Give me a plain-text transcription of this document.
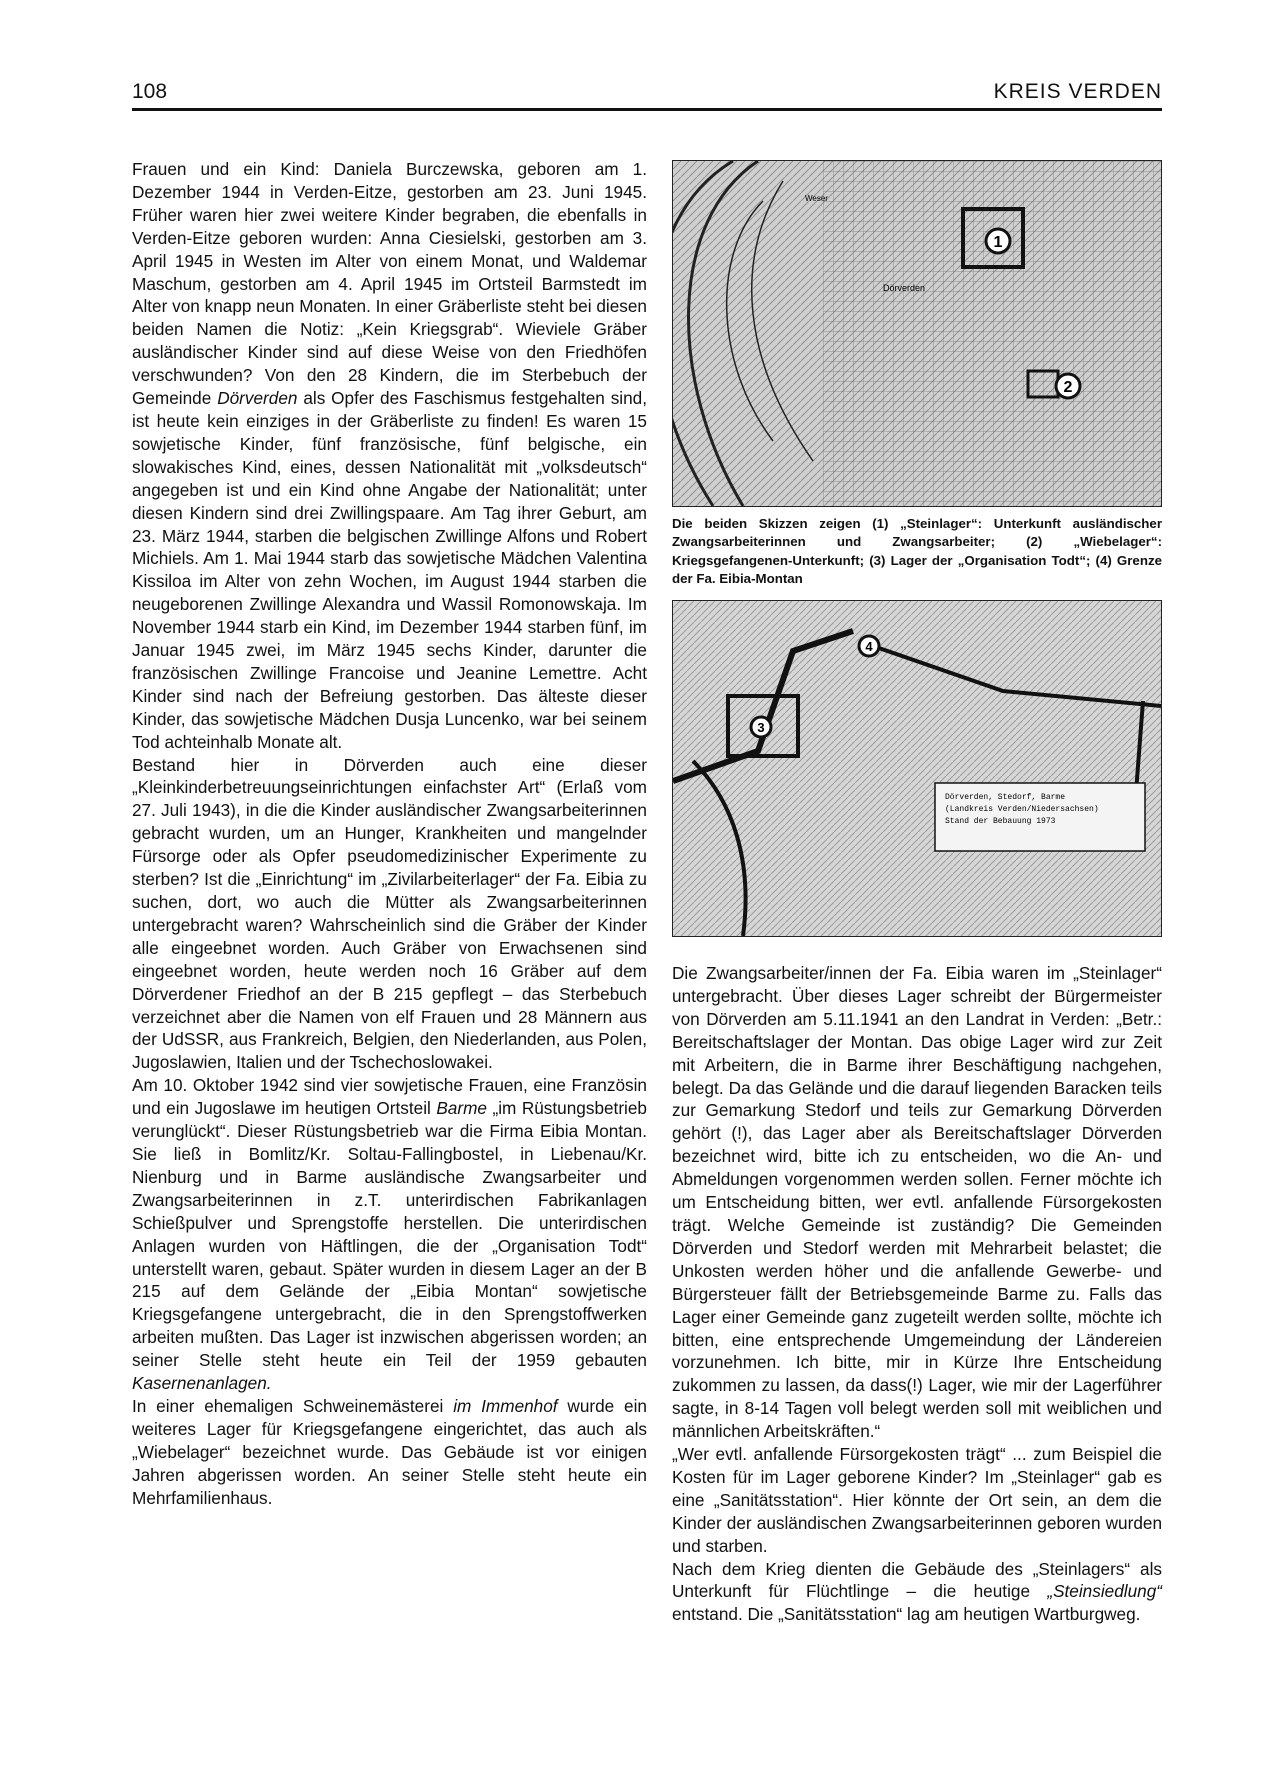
108	KREIS VERDEN

Frauen und ein Kind: Daniela Burczewska, geboren am 1. Dezember 1944 in Verden-Eitze, gestorben am 23. Juni 1945. Früher waren hier zwei weitere Kinder begraben, die ebenfalls in Verden-Eitze geboren wurden: Anna Ciesielski, gestorben am 3. April 1945 in Westen im Alter von einem Monat, und Waldemar Maschum, gestorben am 4. April 1945 im Ortsteil Barmstedt im Alter von knapp neun Monaten. In einer Gräberliste steht bei diesen beiden Namen die Notiz: „Kein Kriegsgrab“. Wieviele Gräber ausländischer Kinder sind auf diese Weise von den Friedhöfen verschwunden? Von den 28 Kindern, die im Sterbebuch der Gemeinde Dörverden als Opfer des Faschismus festgehalten sind, ist heute kein einziges in der Gräberliste zu finden! Es waren 15 sowjetische Kinder, fünf französische, fünf belgische, ein slowakisches Kind, eines, dessen Nationalität mit „volksdeutsch“ angegeben ist und ein Kind ohne Angabe der Nationalität; unter diesen Kindern sind drei Zwillingspaare. Am Tag ihrer Geburt, am 23. März 1944, starben die belgischen Zwillinge Alfons und Robert Michiels. Am 1. Mai 1944 starb das sowjetische Mädchen Valentina Kissiloa im Alter von zehn Wochen, im August 1944 starben die neugeborenen Zwillinge Alexandra und Wassil Romonowskaja. Im November 1944 starb ein Kind, im Dezember 1944 starben fünf, im Januar 1945 zwei, im März 1945 sechs Kinder, darunter die französischen Zwillinge Francoise und Jeanine Lemettre. Acht Kinder sind nach der Befreiung gestorben. Das älteste dieser Kinder, das sowjetische Mädchen Dusja Luncenko, war bei seinem Tod achteinhalb Monate alt.

Bestand hier in Dörverden auch eine dieser „Kleinkinderbetreuungseinrichtungen einfachster Art“ (Erlaß vom 27. Juli 1943), in die die Kinder ausländischer Zwangsarbeiterinnen gebracht wurden, um an Hunger, Krankheiten und mangelnder Fürsorge oder als Opfer pseudomedizinischer Experimente zu sterben? Ist die „Einrichtung“ im „Zivilarbeiterlager“ der Fa. Eibia zu suchen, dort, wo auch die Mütter als Zwangsarbeiterinnen untergebracht waren? Wahrscheinlich sind die Gräber der Kinder alle eingeebnet worden. Auch Gräber von Erwachsenen sind eingeebnet worden, heute werden noch 16 Gräber auf dem Dörverdener Friedhof an der B 215 gepflegt – das Sterbebuch verzeichnet aber die Namen von elf Frauen und 28 Männern aus der UdSSR, aus Frankreich, Belgien, den Niederlanden, aus Polen, Jugoslawien, Italien und der Tschechoslowakei.

Am 10. Oktober 1942 sind vier sowjetische Frauen, eine Französin und ein Jugoslawe im heutigen Ortsteil Barme „im Rüstungsbetrieb verunglückt“. Dieser Rüstungsbetrieb war die Firma Eibia Montan. Sie ließ in Bomlitz/Kr. Soltau-Fallingbostel, in Liebenau/Kr. Nienburg und in Barme ausländische Zwangsarbeiter und Zwangsarbeiterinnen in z.T. unterirdischen Fabrikanlagen Schießpulver und Sprengstoffe herstellen. Die unterirdischen Anlagen wurden von Häftlingen, die der „Organisation Todt“ unterstellt waren, gebaut. Später wurden in diesem Lager an der B 215 auf dem Gelände der „Eibia Montan“ sowjetische Kriegsgefangene untergebracht, die in den Sprengstoffwerken arbeiten mußten. Das Lager ist inzwischen abgerissen worden; an seiner Stelle steht heute ein Teil der 1959 gebauten Kasernenanlagen.

In einer ehemaligen Schweinemästerei im Immenhof wurde ein weiteres Lager für Kriegsgefangene eingerichtet, das auch als „Wiebelager“ bezeichnet wurde. Das Gebäude ist vor einigen Jahren abgerissen worden. An seiner Stelle steht heute ein Mehrfamilienhaus.

1
2
Dörverden
Weser
Die beiden Skizzen zeigen (1) „Steinlager“: Unterkunft ausländischer Zwangsarbeiterinnen und Zwangsarbeiter; (2) „Wiebelager“: Kriegsgefangenen-Unterkunft; (3) Lager der „Organisation Todt“; (4) Grenze der Fa. Eibia-Montan
4
3
Dörverden, Stedorf, Barme
(Landkreis Verden/Niedersachsen)
Stand der Bebauung 1973

Die Zwangsarbeiter/innen der Fa. Eibia waren im „Steinlager“ untergebracht. Über dieses Lager schreibt der Bürgermeister von Dörverden am 5.11.1941 an den Landrat in Verden: „Betr.: Bereitschaftslager der Montan. Das obige Lager wird zur Zeit mit Arbeitern, die in Barme ihrer Beschäftigung nachgehen, belegt. Da das Gelände und die darauf liegenden Baracken teils zur Gemarkung Stedorf und teils zur Gemarkung Dörverden gehört (!), das Lager aber als Bereitschaftslager Dörverden bezeichnet wird, bitte ich zu entscheiden, wo die An- und Abmeldungen vorgenommen werden sollen. Ferner möchte ich um Entscheidung bitten, wer evtl. anfallende Fürsorgekosten trägt. Welche Gemeinde ist zuständig? Die Gemeinden Dörverden und Stedorf werden mit Mehrarbeit belastet; die Unkosten werden höher und die anfallende Gewerbe- und Bürgersteuer fällt der Betriebsgemeinde Barme zu. Falls das Lager einer Gemeinde ganz zugeteilt werden sollte, möchte ich bitten, eine entsprechende Umgemeindung der Ländereien vorzunehmen. Ich bitte, mir in Kürze Ihre Entscheidung zukommen zu lassen, da dass(!) Lager, wie mir der Lagerführer sagte, in 8-14 Tagen voll belegt werden soll mit weiblichen und männlichen Arbeitskräften.“

„Wer evtl. anfallende Fürsorgekosten trägt“ ... zum Beispiel die Kosten für im Lager geborene Kinder? Im „Steinlager“ gab es eine „Sanitätsstation“. Hier könnte der Ort sein, an dem die Kinder der ausländischen Zwangsarbeiterinnen geboren wurden und starben.

Nach dem Krieg dienten die Gebäude des „Steinlagers“ als Unterkunft für Flüchtlinge – die heutige „Steinsiedlung“ entstand. Die „Sanitätsstation“ lag am heutigen Wartburgweg.
